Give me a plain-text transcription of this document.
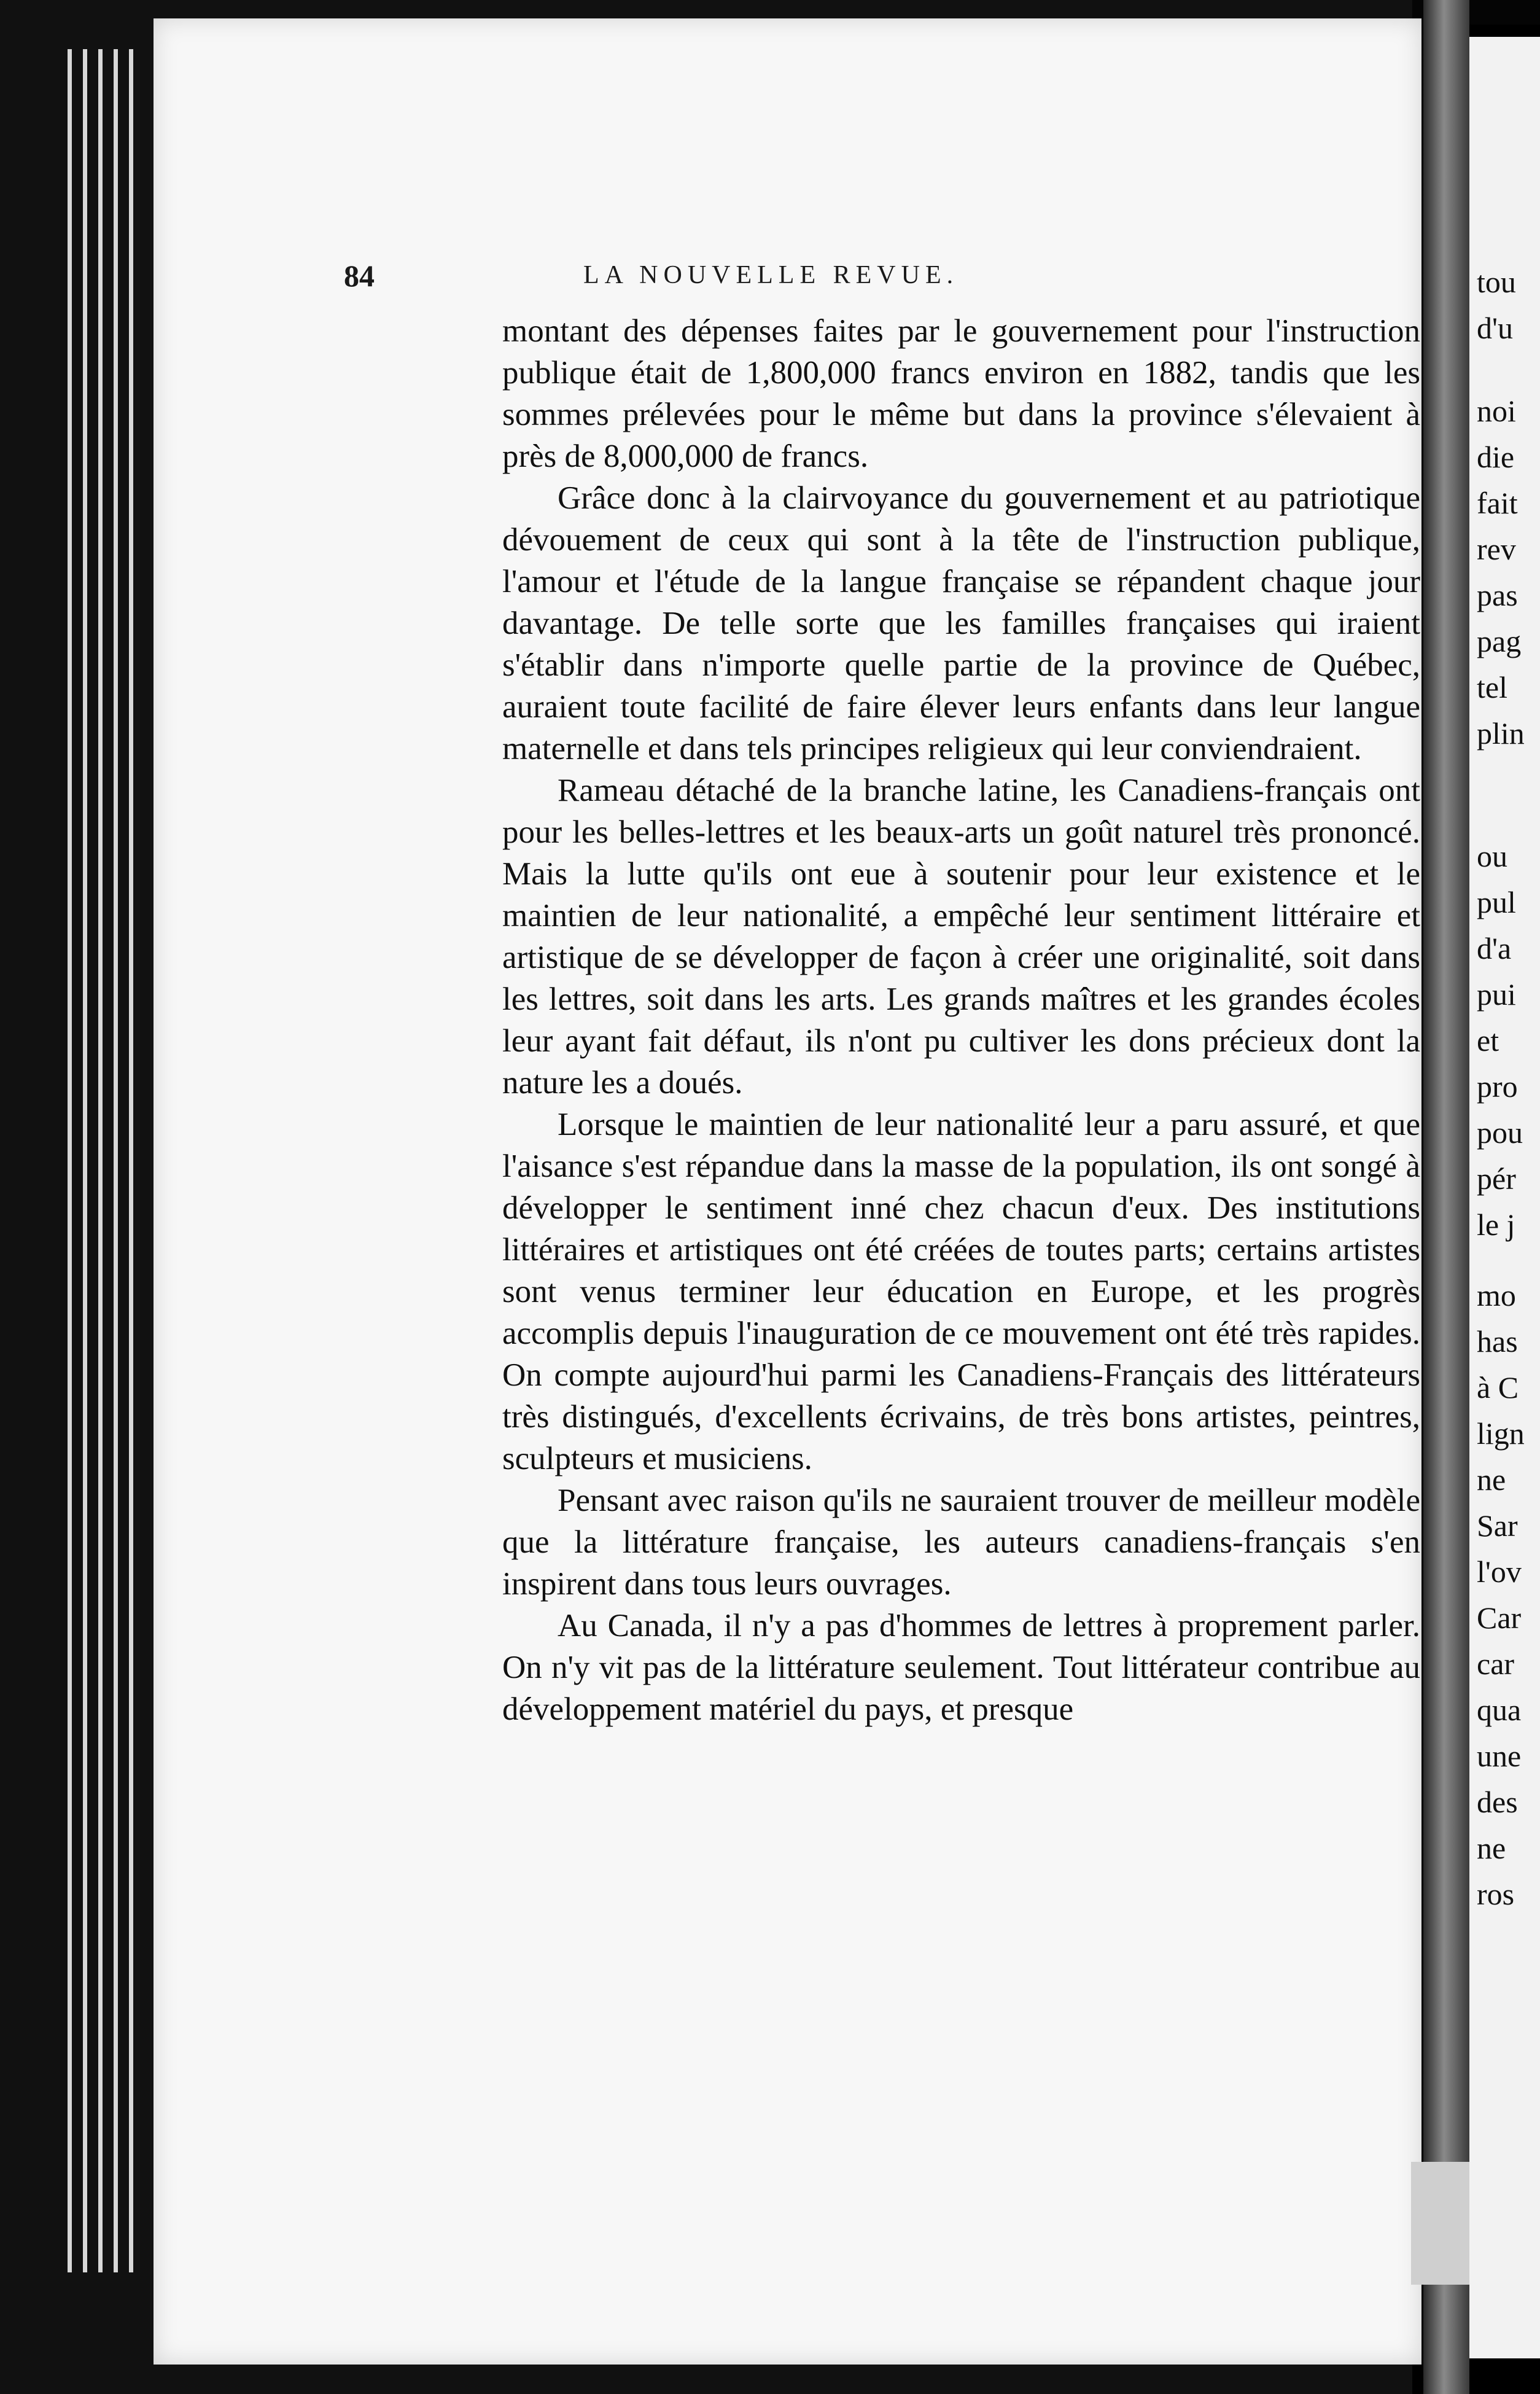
84	LA NOUVELLE REVUE.

montant des dépenses faites par le gouvernement pour l'instruction publique était de 1,800,000 francs environ en 1882, tandis que les sommes prélevées pour le même but dans la province s'élevaient à près de 8,000,000 de francs.

Grâce donc à la clairvoyance du gouvernement et au patriotique dévouement de ceux qui sont à la tête de l'instruction publique, l'amour et l'étude de la langue française se répandent chaque jour davantage. De telle sorte que les familles françaises qui iraient s'établir dans n'importe quelle partie de la province de Québec, auraient toute facilité de faire élever leurs enfants dans leur langue maternelle et dans tels principes religieux qui leur conviendraient.

Rameau détaché de la branche latine, les Canadiens-français ont pour les belles-lettres et les beaux-arts un goût naturel très prononcé. Mais la lutte qu'ils ont eue à soutenir pour leur existence et le maintien de leur nationalité, a empêché leur sentiment littéraire et artistique de se développer de façon à créer une originalité, soit dans les lettres, soit dans les arts. Les grands maîtres et les grandes écoles leur ayant fait défaut, ils n'ont pu cultiver les dons précieux dont la nature les a doués.

Lorsque le maintien de leur nationalité leur a paru assuré, et que l'aisance s'est répandue dans la masse de la population, ils ont songé à développer le sentiment inné chez chacun d'eux. Des institutions littéraires et artistiques ont été créées de toutes parts; certains artistes sont venus terminer leur éducation en Europe, et les progrès accomplis depuis l'inauguration de ce mouvement ont été très rapides. On compte aujourd'hui parmi les Canadiens-Français des littérateurs très distingués, d'excellents écrivains, de très bons artistes, peintres, sculpteurs et musiciens.

Pensant avec raison qu'ils ne sauraient trouver de meilleur modèle que la littérature française, les auteurs canadiens-français s'en inspirent dans tous leurs ouvrages.

Au Canada, il n'y a pas d'hommes de lettres à proprement parler. On n'y vit pas de la littérature seulement. Tout littérateur contribue au développement matériel du pays, et presque

tou
d'u
noi
die
fait
rev
pas
pag
tel
plin
ou
pul
d'a
pui
et
pro
pou
pér
le j
mo
has
à C
lign
ne
Sar
l'ov
Car
car
qua
une
des
ne
ros
